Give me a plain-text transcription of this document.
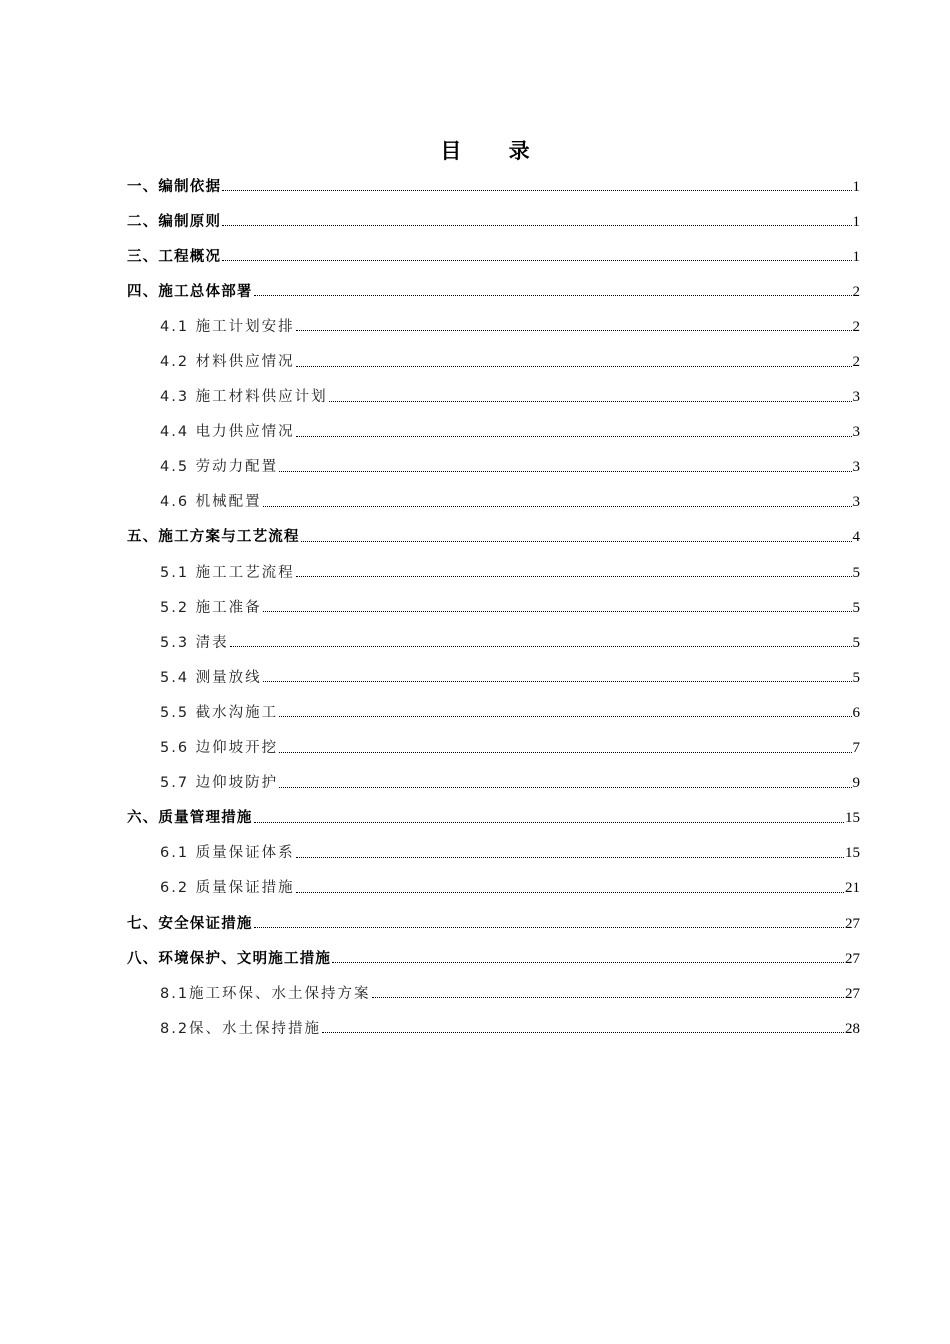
目 录
一、编制依据	1
二、编制原则	1
三、工程概况	1
四、施工总体部署	2
4.1 施工计划安排	2
4.2 材料供应情况	2
4.3 施工材料供应计划	3
4.4 电力供应情况	3
4.5 劳动力配置	3
4.6 机械配置	3
五、施工方案与工艺流程	4
5.1 施工工艺流程	5
5.2 施工准备	5
5.3 清表	5
5.4 测量放线	5
5.5 截水沟施工	6
5.6 边仰坡开挖	7
5.7 边仰坡防护	9
六、质量管理措施	15
6.1 质量保证体系	15
6.2 质量保证措施	21
七、安全保证措施	27
八、环境保护、文明施工措施	27
8.1施工环保、水土保持方案	27
8.2保、水土保持措施	28
